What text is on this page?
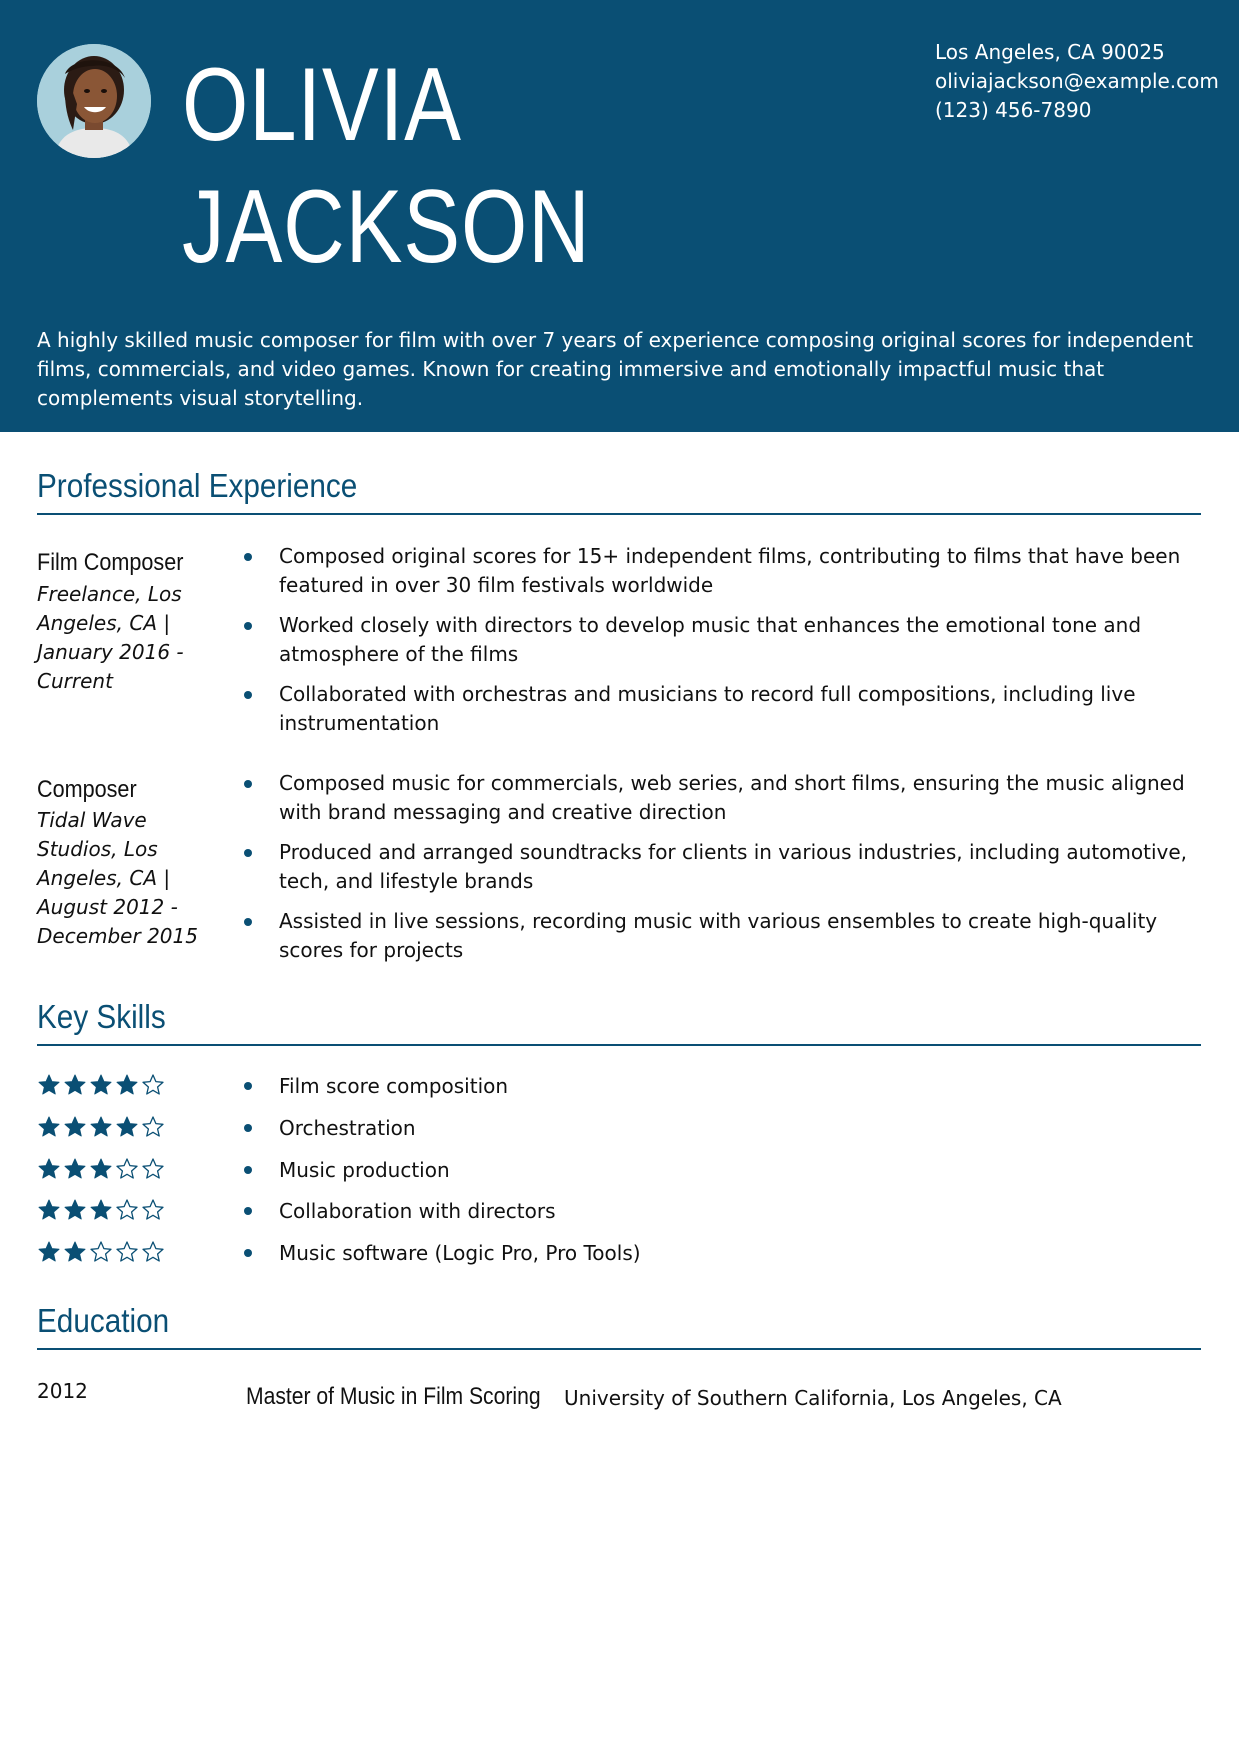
OLIVIA
JACKSON
Los Angeles, CA 90025
oliviajackson@example.com
(123) 456-7890
A highly skilled music composer for film with over 7 years of experience composing original scores for independent films, commercials, and video games. Known for creating immersive and emotionally impactful music that complements visual storytelling.
Professional Experience
Film Composer
Freelance, Los Angeles, CA | January 2016 - Current
Composed original scores for 15+ independent films, contributing to films that have been featured in over 30 film festivals worldwide
Worked closely with directors to develop music that enhances the emotional tone and atmosphere of the films
Collaborated with orchestras and musicians to record full compositions, including live instrumentation
Composer
Tidal Wave Studios, Los Angeles, CA | August 2012 - December 2015
Composed music for commercials, web series, and short films, ensuring the music aligned with brand messaging and creative direction
Produced and arranged soundtracks for clients in various industries, including automotive, tech, and lifestyle brands
Assisted in live sessions, recording music with various ensembles to create high-quality scores for projects
Key Skills
Film score composition
Orchestration
Music production
Collaboration with directors
Music software (Logic Pro, Pro Tools)
Education
2012	Master of Music in Film Scoring University of Southern California, Los Angeles, CA
